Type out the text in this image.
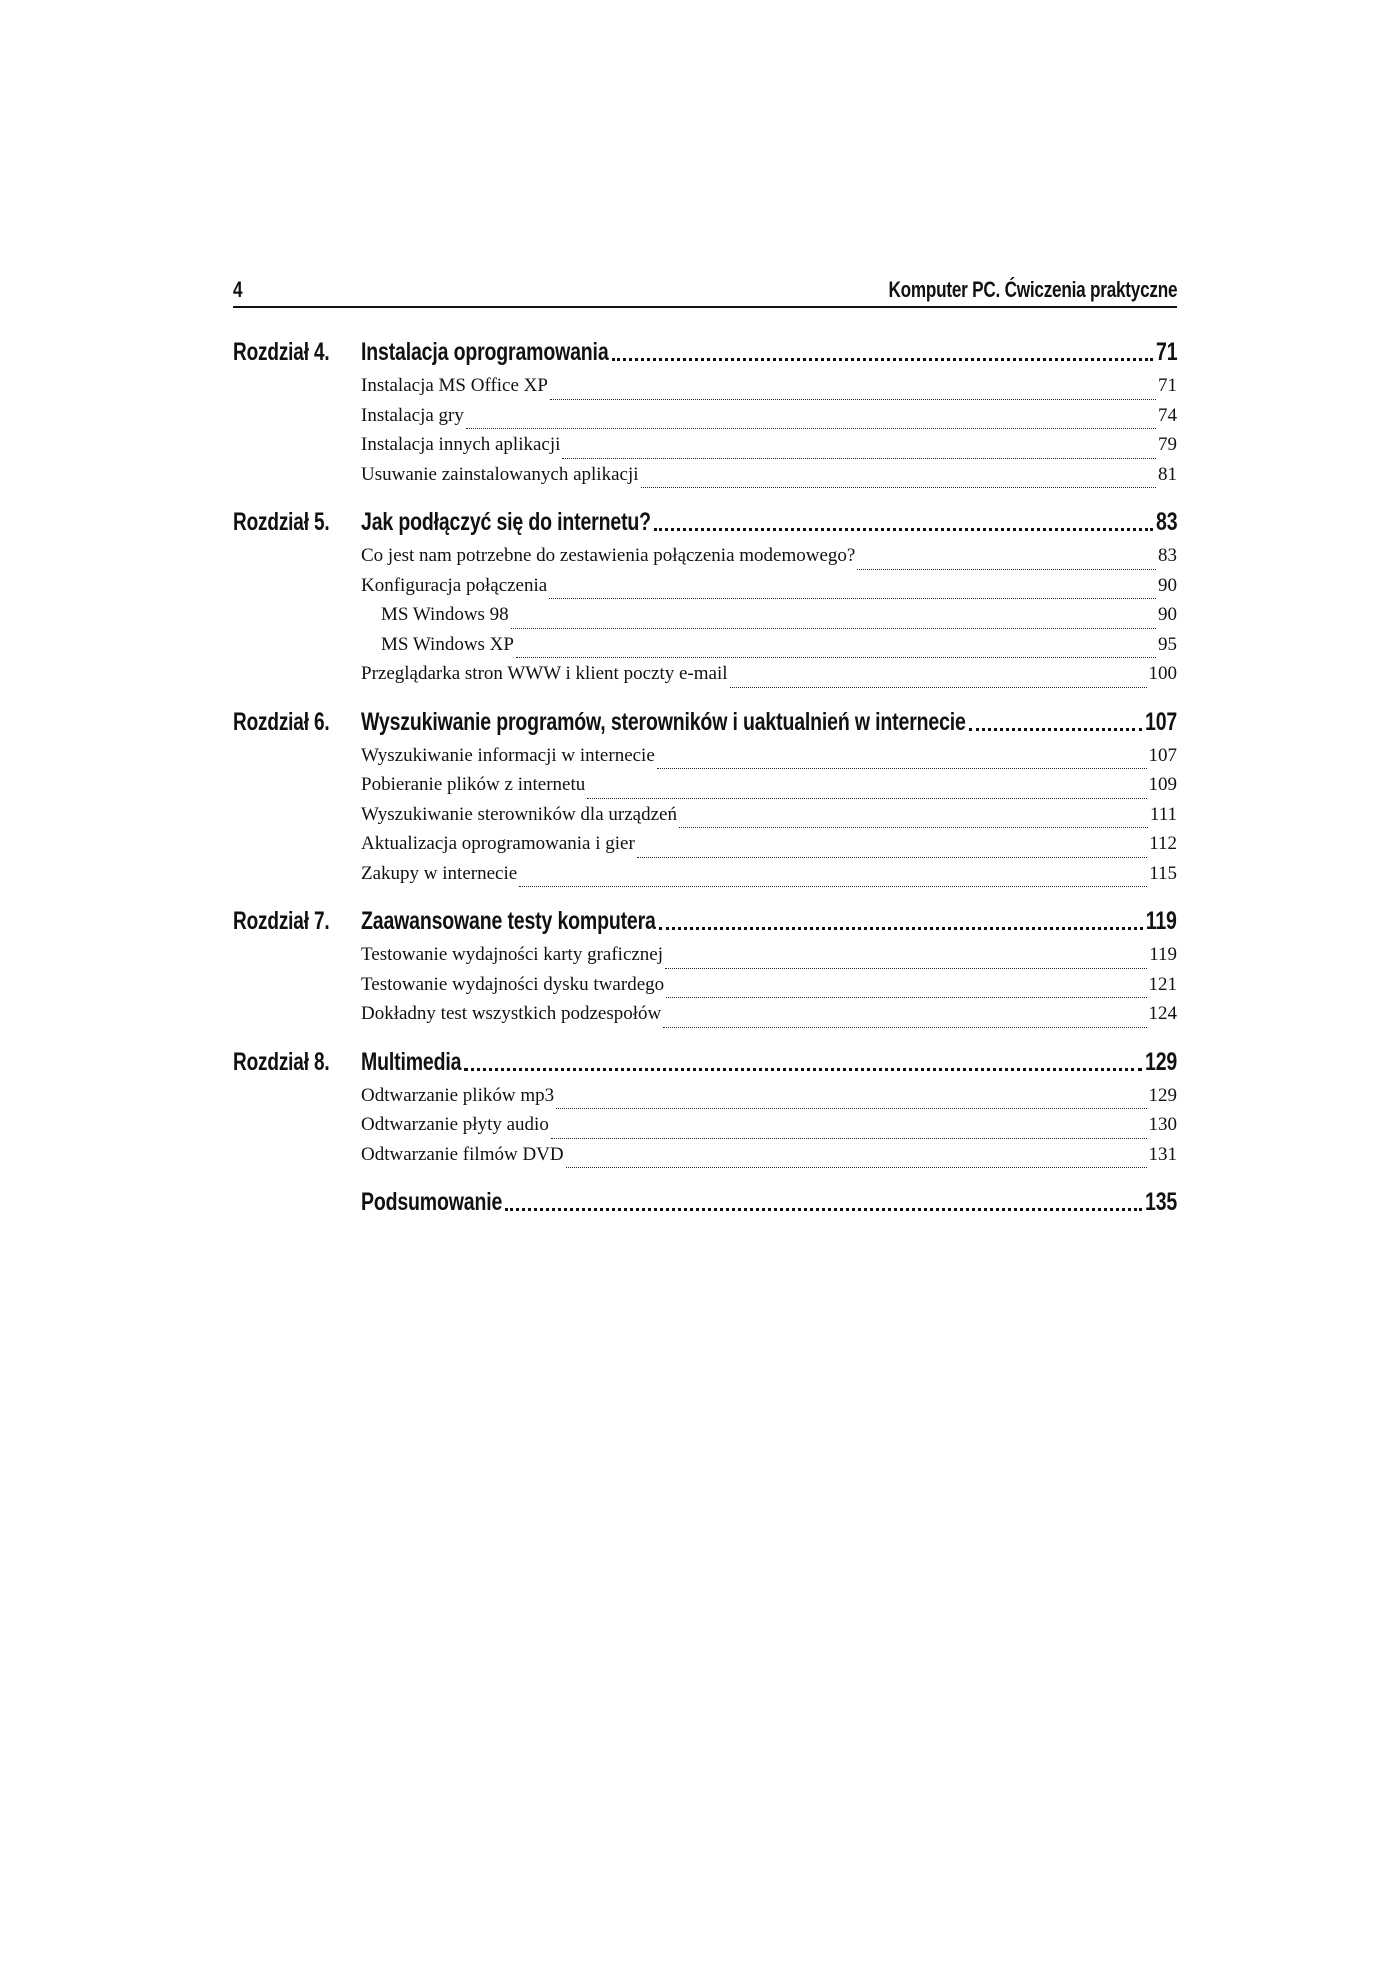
4	Komputer PC. Ćwiczenia praktyczne
Rozdział 4. Instalacja oprogramowania	71
Instalacja MS Office XP	71
Instalacja gry	74
Instalacja innych aplikacji	79
Usuwanie zainstalowanych aplikacji	81
Rozdział 5. Jak podłączyć się do internetu?	83
Co jest nam potrzebne do zestawienia połączenia modemowego?	83
Konfiguracja połączenia	90
MS Windows 98	90
MS Windows XP	95
Przeglądarka stron WWW i klient poczty e-mail	100
Rozdział 6. Wyszukiwanie programów, sterowników i uaktualnień w internecie	107
Wyszukiwanie informacji w internecie	107
Pobieranie plików z internetu	109
Wyszukiwanie sterowników dla urządzeń	111
Aktualizacja oprogramowania i gier	112
Zakupy w internecie	115
Rozdział 7. Zaawansowane testy komputera	119
Testowanie wydajności karty graficznej	119
Testowanie wydajności dysku twardego	121
Dokładny test wszystkich podzespołów	124
Rozdział 8. Multimedia	129
Odtwarzanie plików mp3	129
Odtwarzanie płyty audio	130
Odtwarzanie filmów DVD	131
Podsumowanie	135
